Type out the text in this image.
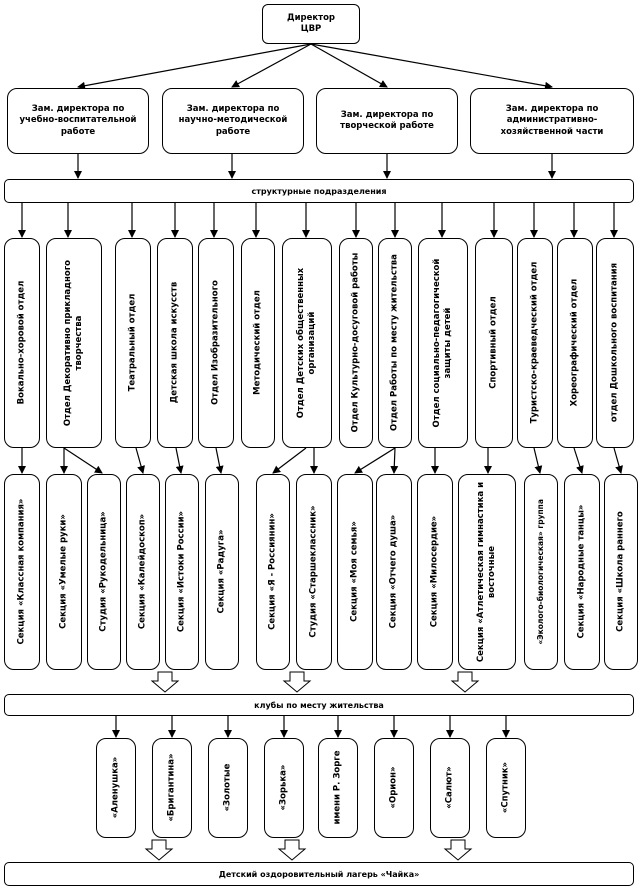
Директор
ЦВР
Зам. директора по учебно-воспитательной работе
Зам. директора по научно-методической работе
Зам. директора по творческой работе
Зам. директора по административно-хозяйственной части
структурные подразделения
Вокально-хоровой отдел	Отдел Декоративно прикладного творчества	Театральный отдел	Детская школа искусств	Отдел Изобразительного	Методический отдел	Отдел Детских общественных организаций	Отдел Культурно-досуговой работы	Отдел Работы по месту жительства	Отдел социально-педагогической защиты детей	Спортивный отдел	Туристско-краеведческий отдел	Хореографический отдел	отдел Дошкольного воспитания
Секция «Классная компания»	Секция «Умелые руки»	Студия «Рукодельница»	Секция «Калейдоскоп»	Секция «Истоки России»	Секция «Радуга»	Секция «Я - Россиянин»	Студия «Старшеклассник»	Секция «Моя семья»	Секция «Отчего душа»	Секция «Милосердие»	Секция «Атлетическая гимнастика и восточные	«Эколого-биологическая» группа	Секция «Народные танцы»	Секция «Школа раннего
клубы по месту жительства
«Аленушка»	«Бригантина»	«Золотые	«Зорька»	имени Р. Зорге	«Орион»	«Салют»	«Спутник»
Детский оздоровительный лагерь «Чайка»
